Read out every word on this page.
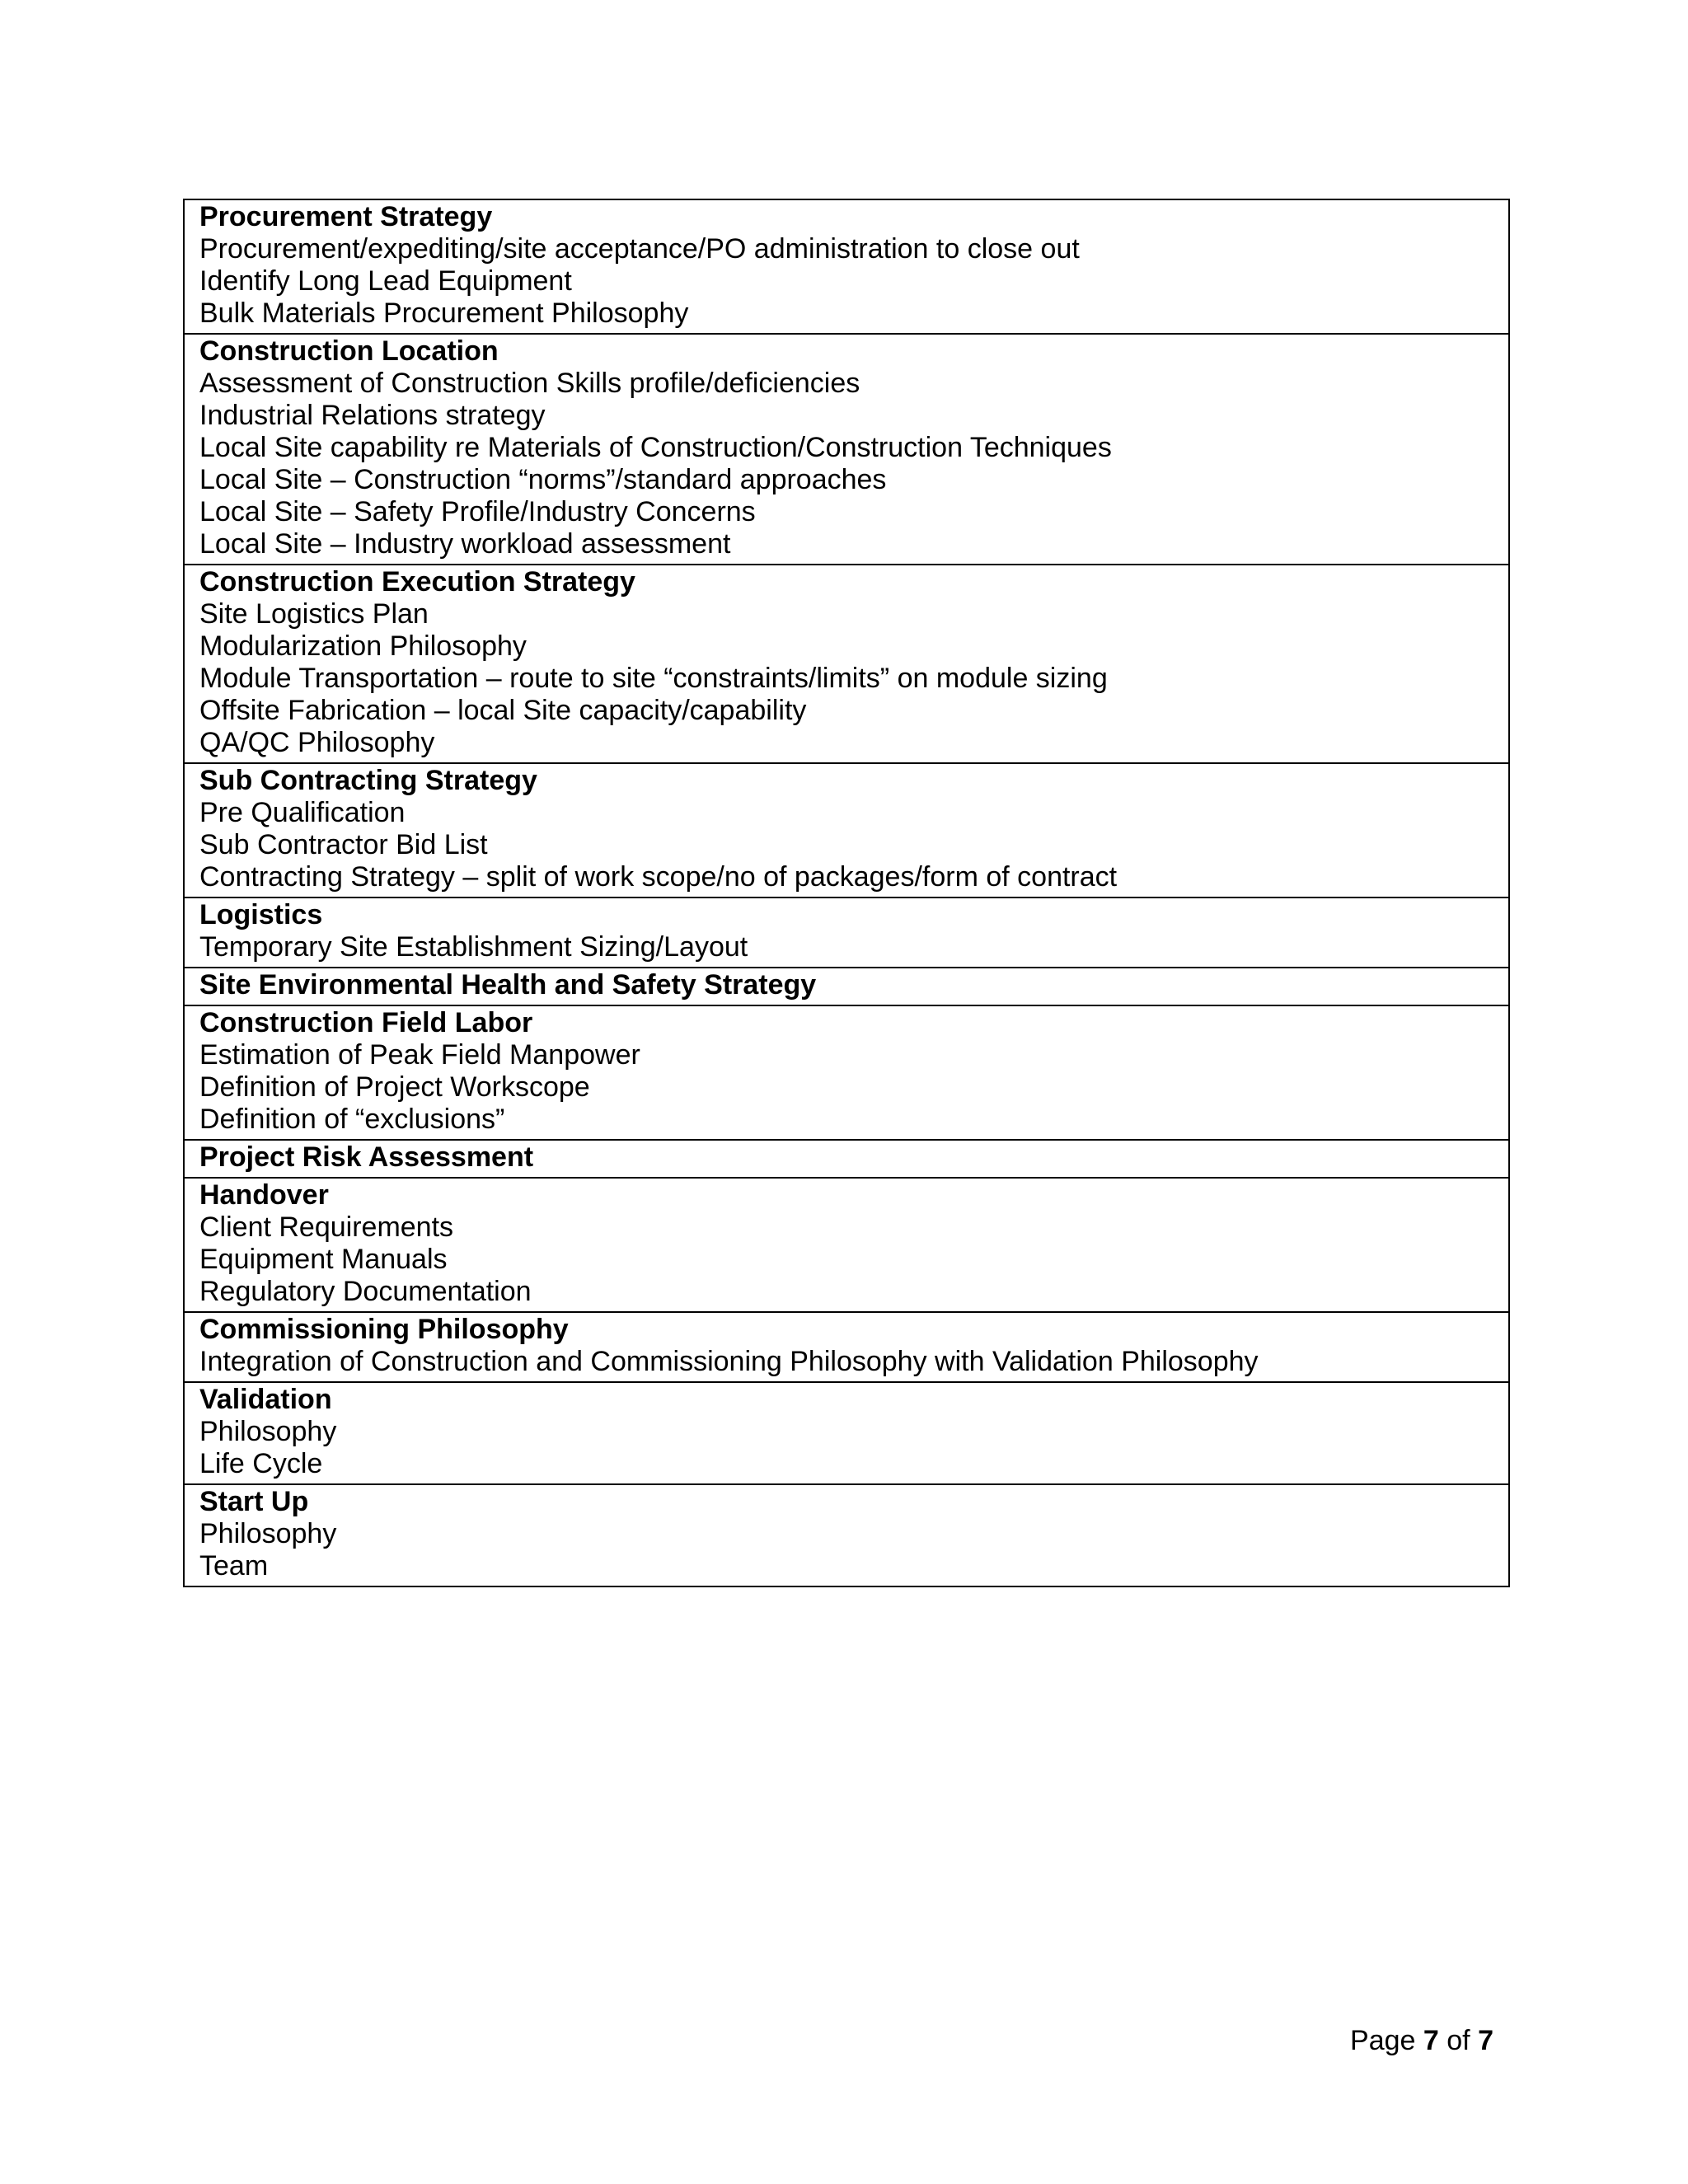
Procurement Strategy
Procurement/expediting/site acceptance/PO administration to close out
Identify Long Lead Equipment
Bulk Materials Procurement Philosophy
Construction Location
Assessment of Construction Skills profile/deficiencies
Industrial Relations strategy
Local Site capability re Materials of Construction/Construction Techniques
Local Site – Construction “norms”/standard approaches
Local Site – Safety Profile/Industry Concerns
Local Site – Industry workload assessment
Construction Execution Strategy
Site Logistics Plan
Modularization Philosophy
Module Transportation – route to site “constraints/limits” on module sizing
Offsite Fabrication – local Site capacity/capability
QA/QC Philosophy
Sub Contracting Strategy
Pre Qualification
Sub Contractor Bid List
Contracting Strategy – split of work scope/no of packages/form of contract
Logistics
Temporary Site Establishment Sizing/Layout
Site Environmental Health and Safety Strategy
Construction Field Labor
Estimation of Peak Field Manpower
Definition of Project Workscope
Definition of “exclusions”
Project Risk Assessment
Handover
Client Requirements
Equipment Manuals
Regulatory Documentation
Commissioning Philosophy
Integration of Construction and Commissioning Philosophy with Validation Philosophy
Validation
Philosophy
Life Cycle
Start Up
Philosophy
Team
Page 7 of 7
